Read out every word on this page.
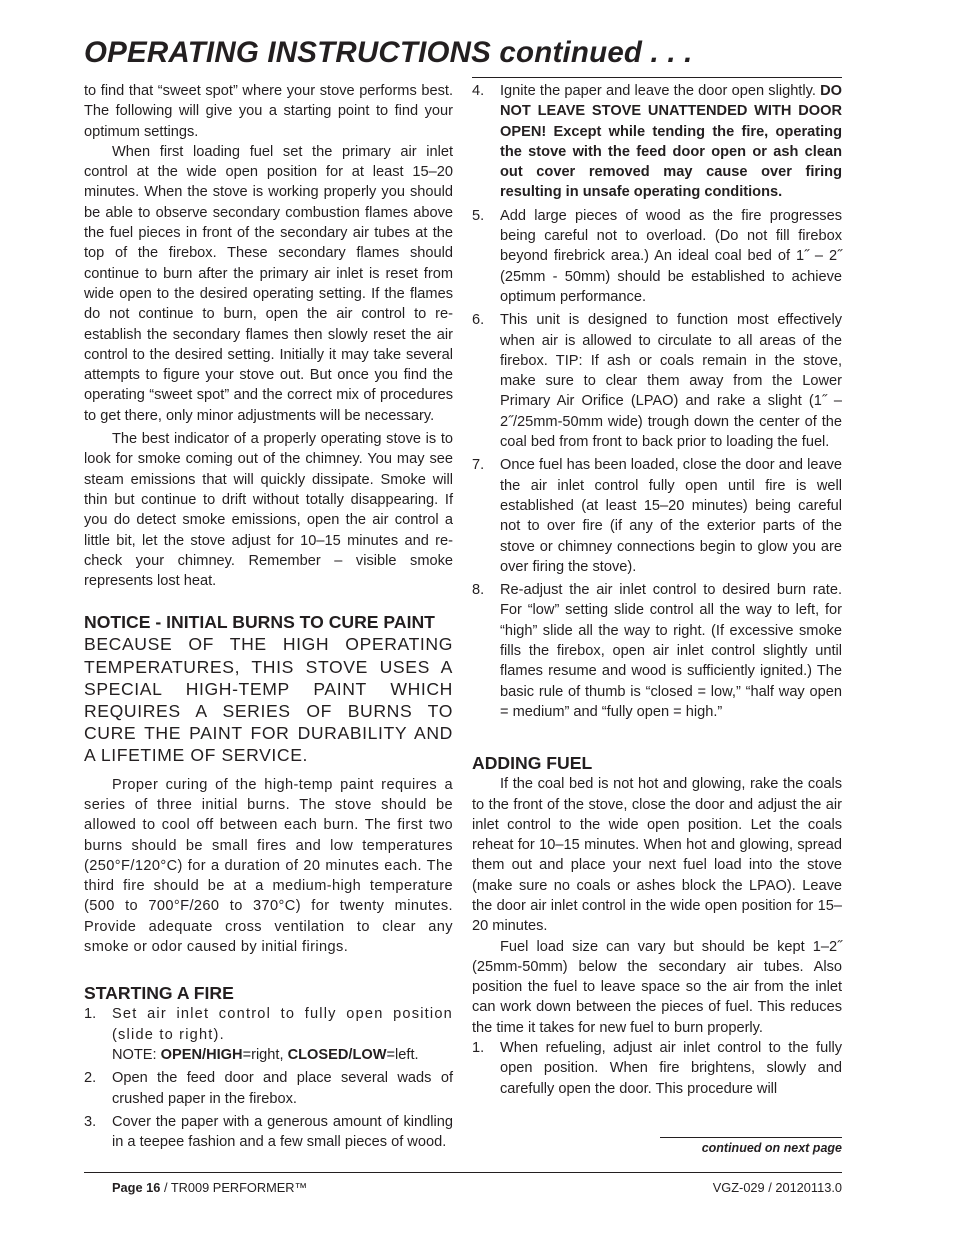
OPERATING INSTRUCTIONS continued . . .

to find that “sweet spot” where your stove performs best. The following will give you a starting point to find your optimum settings.

When first loading fuel set the primary air inlet control at the wide open position for at least 15–20 minutes. When the stove is working properly you should be able to observe secondary combustion flames above the fuel pieces in front of the secondary air tubes at the top of the firebox. These secondary flames should continue to burn after the primary air inlet is reset from wide open to the desired operating setting. If the flames do not continue to burn, open the air control to re-establish the secondary flames then slowly reset the air control to the desired setting. Initially it may take several attempts to figure your stove out. But once you find the operating “sweet spot” and the correct mix of procedures to get there, only minor adjustments will be necessary.

The best indicator of a properly operating stove is to look for smoke coming out of the chimney. You may see steam emissions that will quickly dissipate. Smoke will thin but continue to drift without totally disappearing. If you do detect smoke emissions, open the air control a little bit, let the stove adjust for 10–15 minutes and re-check your chimney. Remember – visible smoke represents lost heat.

NOTICE - INITIAL BURNS TO CURE PAINT

BECAUSE OF THE HIGH OPERATING TEMPERATURES, THIS STOVE USES A SPECIAL HIGH-TEMP PAINT WHICH REQUIRES A SERIES OF BURNS TO CURE THE PAINT FOR DURABILITY AND A LIFETIME OF SERVICE.

Proper curing of the high-temp paint requires a series of three initial burns. The stove should be allowed to cool off between each burn. The first two burns should be small fires and low temperatures (250°F/120°C) for a duration of 20 minutes each. The third fire should be at a medium-high temperature (500 to 700°F/260 to 370°C) for twenty minutes. Provide adequate cross ventilation to clear any smoke or odor caused by initial firings.

STARTING A FIRE

1.	Set air inlet control to fully open position (slide to right).
NOTE: OPEN/HIGH=right, CLOSED/LOW=left.
2.	Open the feed door and place several wads of crushed paper in the firebox.
3.	Cover the paper with a generous amount of kindling in a teepee fashion and a few small pieces of wood.
4.	Ignite the paper and leave the door open slightly. DO NOT LEAVE STOVE UNATTENDED WITH DOOR OPEN! Except while tending the fire, operating the stove with the feed door open or ash clean out cover removed may cause over firing resulting in unsafe operating conditions.
5.	Add large pieces of wood as the fire progresses being careful not to overload. (Do not fill firebox beyond firebrick area.) An ideal coal bed of 1˝ – 2˝ (25mm - 50mm) should be established to achieve optimum performance.
6.	This unit is designed to function most effectively when air is allowed to circulate to all areas of the firebox. TIP: If ash or coals remain in the stove, make sure to clear them away from the Lower Primary Air Orifice (LPAO) and rake a slight (1˝ – 2˝/25mm-50mm wide) trough down the center of the coal bed from front to back prior to loading the fuel.
7.	Once fuel has been loaded, close the door and leave the air inlet control fully open until fire is well established (at least 15–20 minutes) being careful not to over fire (if any of the exterior parts of the stove or chimney connections begin to glow you are over firing the stove).
8.	Re-adjust the air inlet control to desired burn rate. For “low” setting slide control all the way to left, for “high” slide all the way to right. (If excessive smoke fills the firebox, open air inlet control slightly until flames resume and wood is sufficiently ignited.) The basic rule of thumb is “closed = low,” “half way open = medium” and “fully open = high.”

ADDING FUEL

If the coal bed is not hot and glowing, rake the coals to the front of the stove, close the door and adjust the air inlet control to the wide open position. Let the coals reheat for 10–15 minutes. When hot and glowing, spread them out and place your next fuel load into the stove (make sure no coals or ashes block the LPAO). Leave the door air inlet control in the wide open position for 15–20 minutes.

Fuel load size can vary but should be kept 1–2˝ (25mm-50mm) below the secondary air tubes. Also position the fuel to leave space so the air from the inlet can work down between the pieces of fuel. This reduces the time it takes for new fuel to burn properly.

1.	When refueling, adjust air inlet control to the fully open position. When fire brightens, slowly and carefully open the door. This procedure will
continued on next page
Page 16 / TR009 PERFORMER™	VGZ-029 / 20120113.0
